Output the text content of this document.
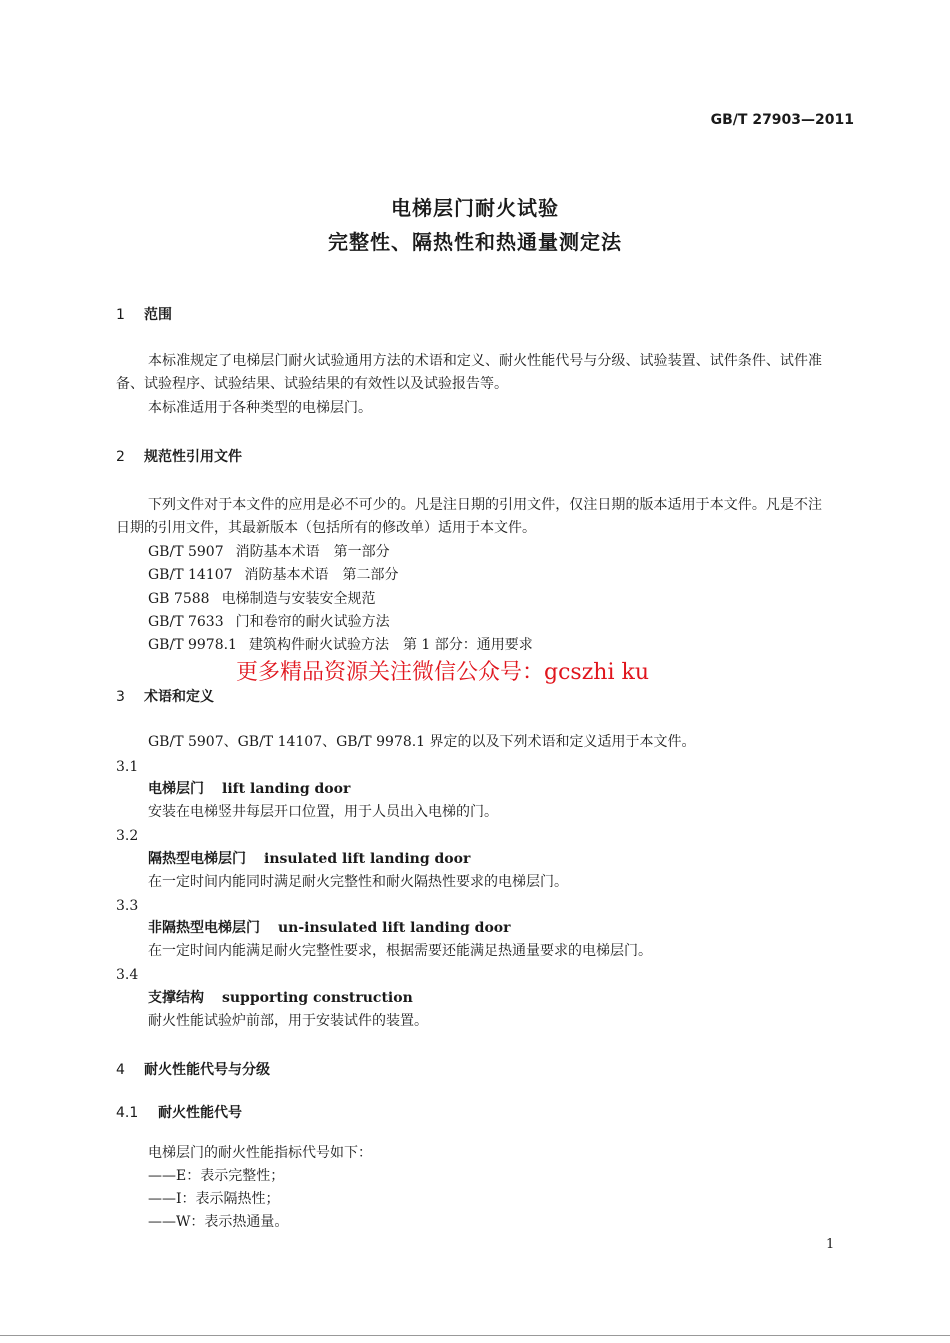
GB/T 27903—2011
电梯层门耐火试验
完整性、隔热性和热通量测定法
1 范围
本标准规定了电梯层门耐火试验通用方法的术语和定义、耐火性能代号与分级、试验装置、试件条件、试件准备、试验程序、试验结果、试验结果的有效性以及试验报告等。
本标准适用于各种类型的电梯层门。
2 规范性引用文件
下列文件对于本文件的应用是必不可少的。凡是注日期的引用文件，仅注日期的版本适用于本文件。凡是不注日期的引用文件，其最新版本（包括所有的修改单）适用于本文件。
GB/T 5907 消防基本术语　第一部分
GB/T 14107 消防基本术语　第二部分
GB 7588 电梯制造与安装安全规范
GB/T 7633 门和卷帘的耐火试验方法
GB/T 9978.1 建筑构件耐火试验方法　第 1 部分：通用要求
更多精品资源关注微信公众号：gcszhi ku
3 术语和定义
GB/T 5907、GB/T 14107、GB/T 9978.1 界定的以及下列术语和定义适用于本文件。
3.1
电梯层门 lift landing door
安装在电梯竖井每层开口位置，用于人员出入电梯的门。
3.2
隔热型电梯层门 insulated lift landing door
在一定时间内能同时满足耐火完整性和耐火隔热性要求的电梯层门。
3.3
非隔热型电梯层门 un-insulated lift landing door
在一定时间内能满足耐火完整性要求，根据需要还能满足热通量要求的电梯层门。
3.4
支撑结构 supporting construction
耐火性能试验炉前部，用于安装试件的装置。
4 耐火性能代号与分级
4.1 耐火性能代号
电梯层门的耐火性能指标代号如下：
——E：表示完整性；
——I：表示隔热性；
——W：表示热通量。
1
